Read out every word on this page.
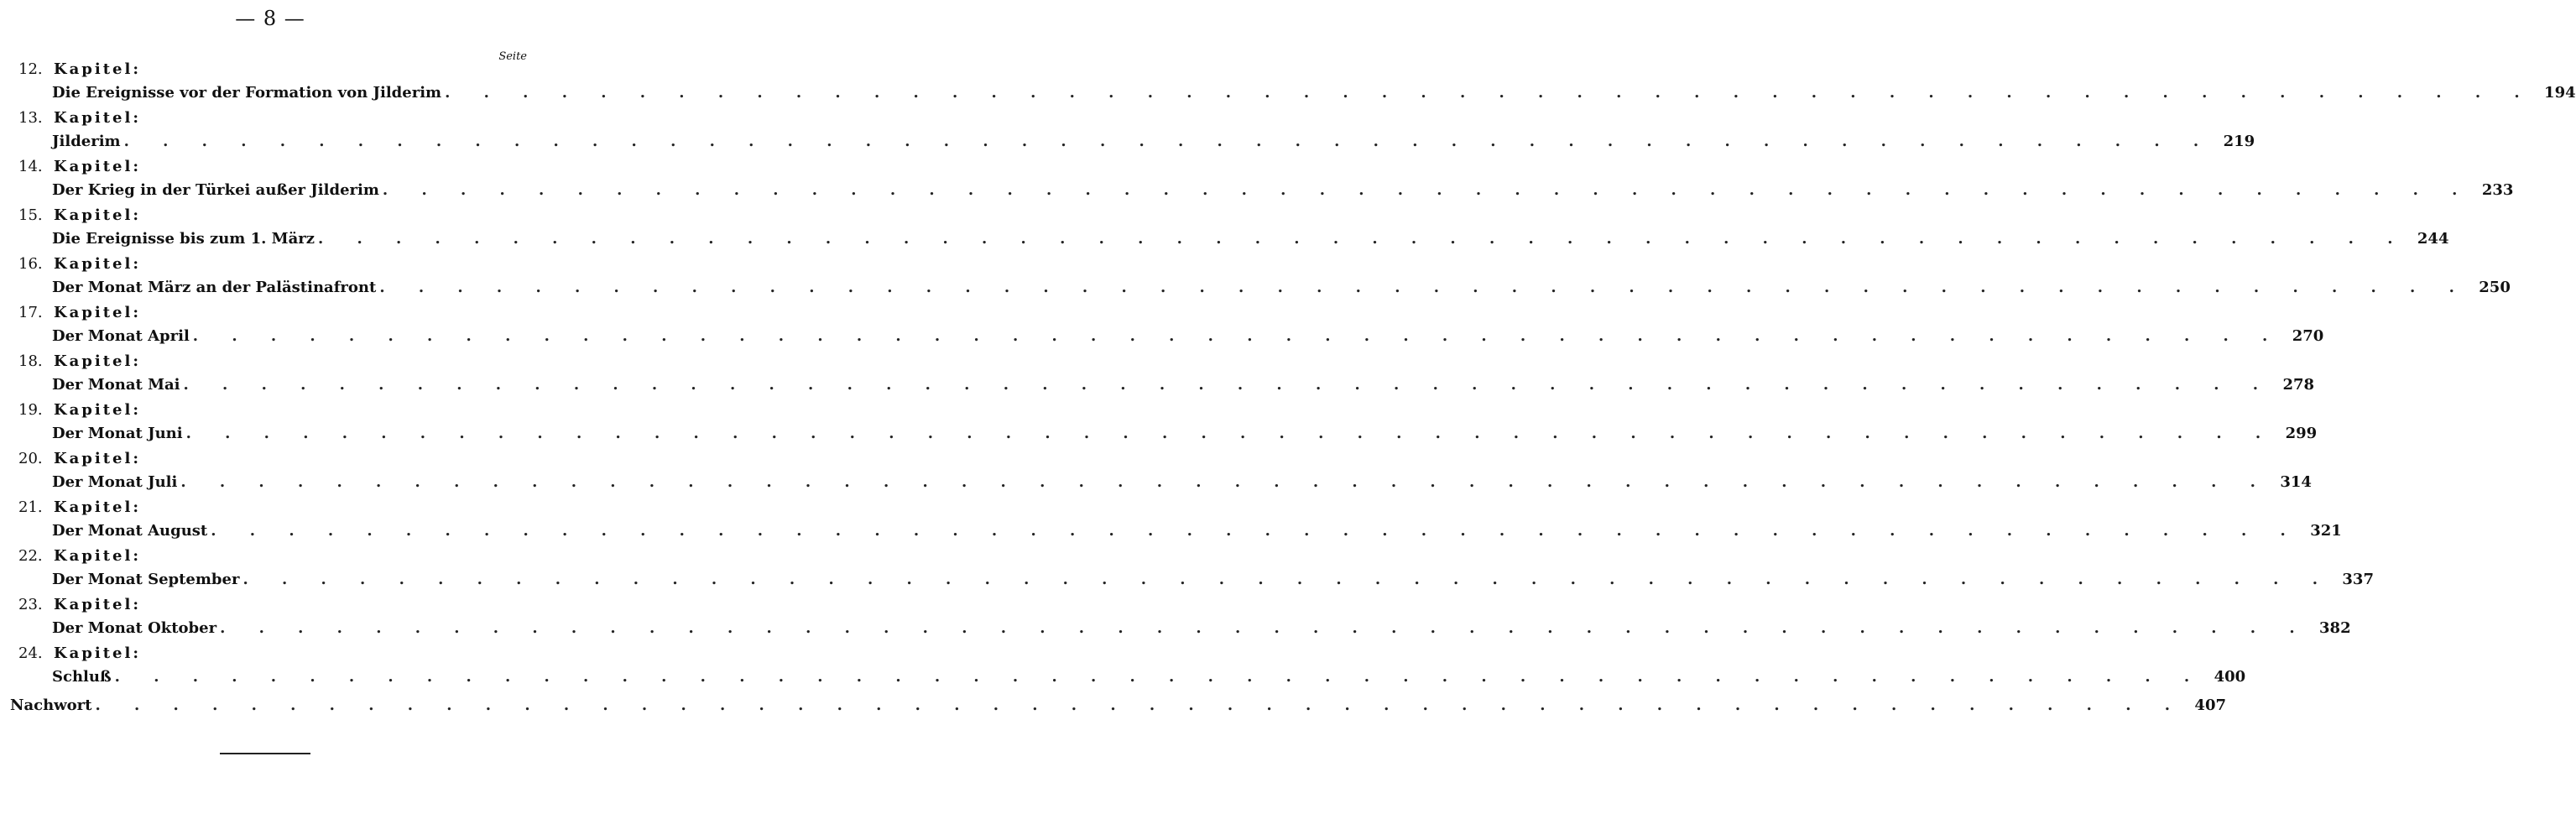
— 8 —
Seite
12. Kapitel:
Die Ereignisse vor der Formation von Jilderim . . . . . . . . . . . . . . . . . . . . . . . . . . . . . . . . . . . . . . . . . . . . . . . . . . . . . . 194
13. Kapitel:
Jilderim . . . . . . . . . . . . . . . . . . . . . . . . . . . . . . . . . . . . . . . . . . . . . . . . . . . . . . 219
14. Kapitel:
Der Krieg in der Türkei außer Jilderim . . . . . . . . . . . . . . . . . . . . . . . . . . . . . . . . . . . . . . . . . . . . . . . . . . . . . . 233
15. Kapitel:
Die Ereignisse bis zum 1. März . . . . . . . . . . . . . . . . . . . . . . . . . . . . . . . . . . . . . . . . . . . . . . . . . . . . . . 244
16. Kapitel:
Der Monat März an der Palästinafront . . . . . . . . . . . . . . . . . . . . . . . . . . . . . . . . . . . . . . . . . . . . . . . . . . . . . . 250
17. Kapitel:
Der Monat April . . . . . . . . . . . . . . . . . . . . . . . . . . . . . . . . . . . . . . . . . . . . . . . . . . . . . . 270
18. Kapitel:
Der Monat Mai . . . . . . . . . . . . . . . . . . . . . . . . . . . . . . . . . . . . . . . . . . . . . . . . . . . . . . 278
19. Kapitel:
Der Monat Juni . . . . . . . . . . . . . . . . . . . . . . . . . . . . . . . . . . . . . . . . . . . . . . . . . . . . . . 299
20. Kapitel:
Der Monat Juli . . . . . . . . . . . . . . . . . . . . . . . . . . . . . . . . . . . . . . . . . . . . . . . . . . . . . . 314
21. Kapitel:
Der Monat August . . . . . . . . . . . . . . . . . . . . . . . . . . . . . . . . . . . . . . . . . . . . . . . . . . . . . . 321
22. Kapitel:
Der Monat September . . . . . . . . . . . . . . . . . . . . . . . . . . . . . . . . . . . . . . . . . . . . . . . . . . . . . . 337
23. Kapitel:
Der Monat Oktober . . . . . . . . . . . . . . . . . . . . . . . . . . . . . . . . . . . . . . . . . . . . . . . . . . . . . . 382
24. Kapitel:
Schluß . . . . . . . . . . . . . . . . . . . . . . . . . . . . . . . . . . . . . . . . . . . . . . . . . . . . . . 400
Nachwort . . . . . . . . . . . . . . . . . . . . . . . . . . . . . . . . . . . . . . . . . . . . . . . . . . . . . . 407
